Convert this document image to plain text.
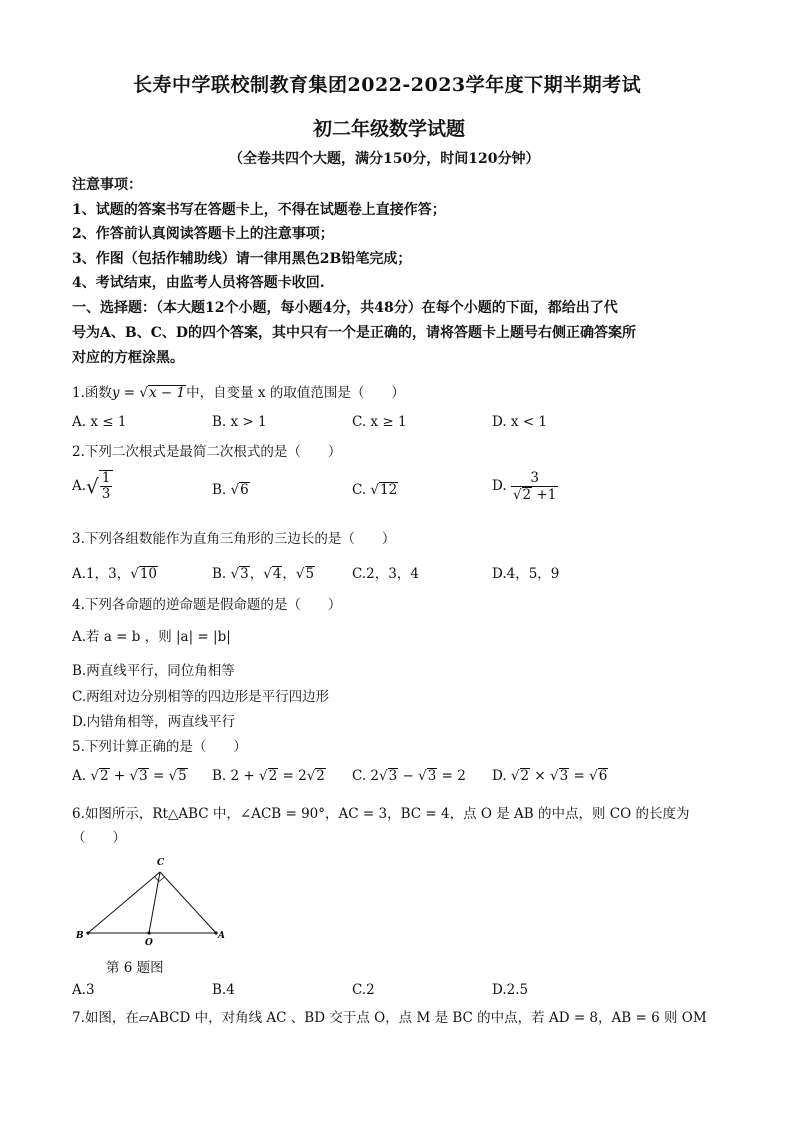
长寿中学联校制教育集团2022-2023学年度下期半期考试
初二年级数学试题
（全卷共四个大题，满分150分，时间120分钟）
注意事项：
1、试题的答案书写在答题卡上，不得在试题卷上直接作答；
2、作答前认真阅读答题卡上的注意事项；
3、作图（包括作辅助线）请一律用黑色2B铅笔完成；
4、考试结束，由监考人员将答题卡收回.
一、选择题：（本大题12个小题，每小题4分，共48分）在每个小题的下面，都给出了代
号为A、B、C、D的四个答案，其中只有一个是正确的，请将答题卡上题号右侧正确答案所
对应的方框涂黑。
1.函数y = √x − 1中，自变量 x 的取值范围是（　　）
A. x ≤ 1	B. x > 1	C. x ≥ 1	D. x < 1
2.下列二次根式是最简二次根式的是（　　）
$A.√ \frac{1}{3}$	B. √6	C. √12	D. $\frac{3}{√2 +1}$
3.下列各组数能作为直角三角形的三边长的是（　　）
A.1，3，√10	B. √3，√4，√5	C.2，3，4	D.4，5，9
4.下列各命题的逆命题是假命题的是（　　）
A.若 a = b ，则 |a| = |b|
B.两直线平行，同位角相等
C.两组对边分别相等的四边形是平行四边形
D.内错角相等，两直线平行
5.下列计算正确的是（　　）
A. √2 + √3 = √5 B. 2 + √2 = 2√2 C. 2√3 − √3 = 2 D. √2 × √3 = √6
6.如图所示，Rt△ABC 中，∠ACB = 90°，AC = 3，BC = 4，点 O 是 AB 的中点，则 CO 的长度为
（　　）
C
B
O
A
第 6 题图
A.3	B.4	C.2	D.2.5
7.如图，在▱ABCD 中，对角线 AC 、BD 交于点 O，点 M 是 BC 的中点，若 AD = 8，AB = 6 则 OM
